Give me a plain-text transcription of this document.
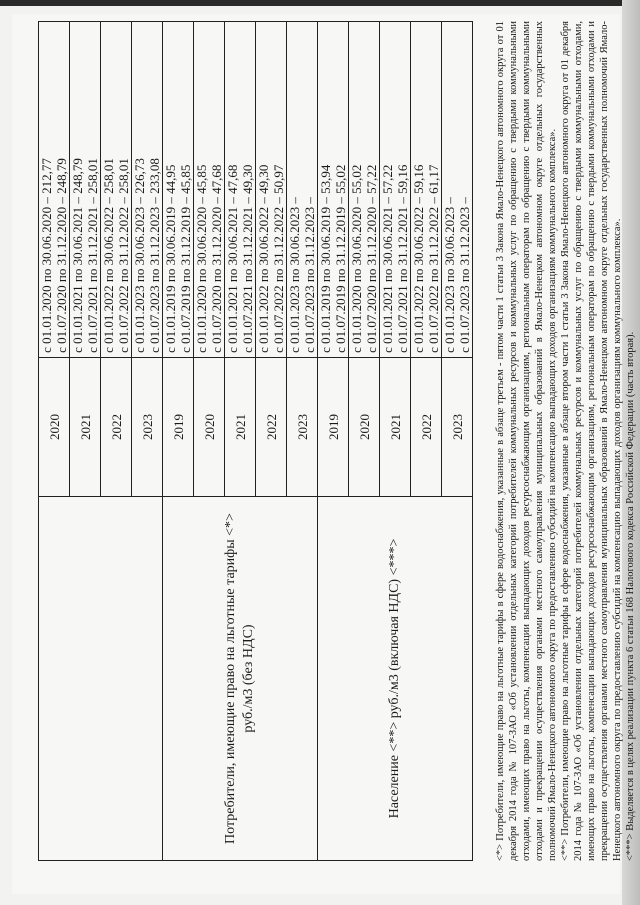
	2020	с 01.01.2020 по 30.06.2020 – 212,77 с 01.07.2020 по 31.12.2020 – 248,79

	2021	с 01.01.2021 по 30.06.2021 – 248,79 с 01.07.2021 по 31.12.2021 – 258,01

	2022	с 01.01.2022 по 30.06.2022 – 258,01 с 01.07.2022 по 31.12.2022 – 258,01

	2023	с 01.01.2023 по 30.06.2023 – 226,73 с 01.07.2023 по 31.12.2023 – 233,08

Потребители, имеющие право на льготные тарифы <*> руб./м3 (без НДС)	2019	с 01.01.2019 по 30.06.2019 – 44,95 с 01.07.2019 по 31.12.2019 – 45,85

	2020	с 01.01.2020 по 30.06.2020 – 45,85 с 01.07.2020 по 31.12.2020 – 47,68

	2021	с 01.01.2021 по 30.06.2021 – 47,68 с 01.07.2021 по 31.12.2021 – 49,30

	2022	с 01.01.2022 по 30.06.2022 – 49,30 с 01.07.2022 по 31.12.2022 – 50,97

	2023	с 01.01.2023 по 30.06.2023 – с 01.07.2023 по 31.12.2023 –

Население <**> руб./м3 (включая НДС) <***>	2019	с 01.01.2019 по 30.06.2019 – 53,94 с 01.07.2019 по 31.12.2019 – 55,02

	2020	с 01.01.2020 по 30.06.2020 – 55,02 с 01.07.2020 по 31.12.2020 – 57,22

	2021	с 01.01.2021 по 30.06.2021 – 57,22 с 01.07.2021 по 31.12.2021 – 59,16

	2022	с 01.01.2022 по 30.06.2022 – 59,16 с 01.07.2022 по 31.12.2022 – 61,17

	2023	с 01.01.2023 по 30.06.2023 – с 01.07.2023 по 31.12.2023 – <*> Потребители, имеющие право на льготные тарифы в сфере водоснабжения, указанные в абзаце третьем - пятом части 1 статьи 3 Закона Ямало-Ненецкого автономного округа от 01 декабря 2014 года № 107-ЗАО «Об установлении отдельных категорий потребителей коммунальных ресурсов и коммунальных услуг по обращению с твердыми коммунальными отходами, имеющих право на льготы, компенсации выпадающих доходов ресурсоснабжающим организациям, региональным операторам по обращению с твердыми коммунальными отходами и прекращении осуществления органами местного самоуправления муниципальных образований в Ямало-Ненецком автономном округе отдельных государственных полномочий Ямало-Ненецкого автономного округа по предоставлению субсидий на компенсацию выпадающих доходов организациям коммунального комплекса». <**> Потребители, имеющие право на льготные тарифы в сфере водоснабжения, указанные в абзаце втором части 1 статьи 3 Закона Ямало-Ненецкого автономного округа от 01 декабря 2014 года № 107-ЗАО «Об установлении отдельных категорий потребителей коммунальных ресурсов и коммунальных услуг по обращению с твердыми коммунальными отходами, имеющих право на льготы, компенсации выпадающих доходов ресурсоснабжающим организациям, региональным операторам по обращению с твердыми коммунальными отходами и прекращении осуществления органами местного самоуправления муниципальных образований в Ямало-Ненецком автономном округе отдельных государственных полномочий Ямало-Ненецкого автономного округа по предоставлению субсидий на компенсацию выпадающих доходов организациям коммунального комплекса». <***> Выделяется в целях реализации пункта 6 статьи 168 Налогового кодекса Российской Федерации (часть вторая).
